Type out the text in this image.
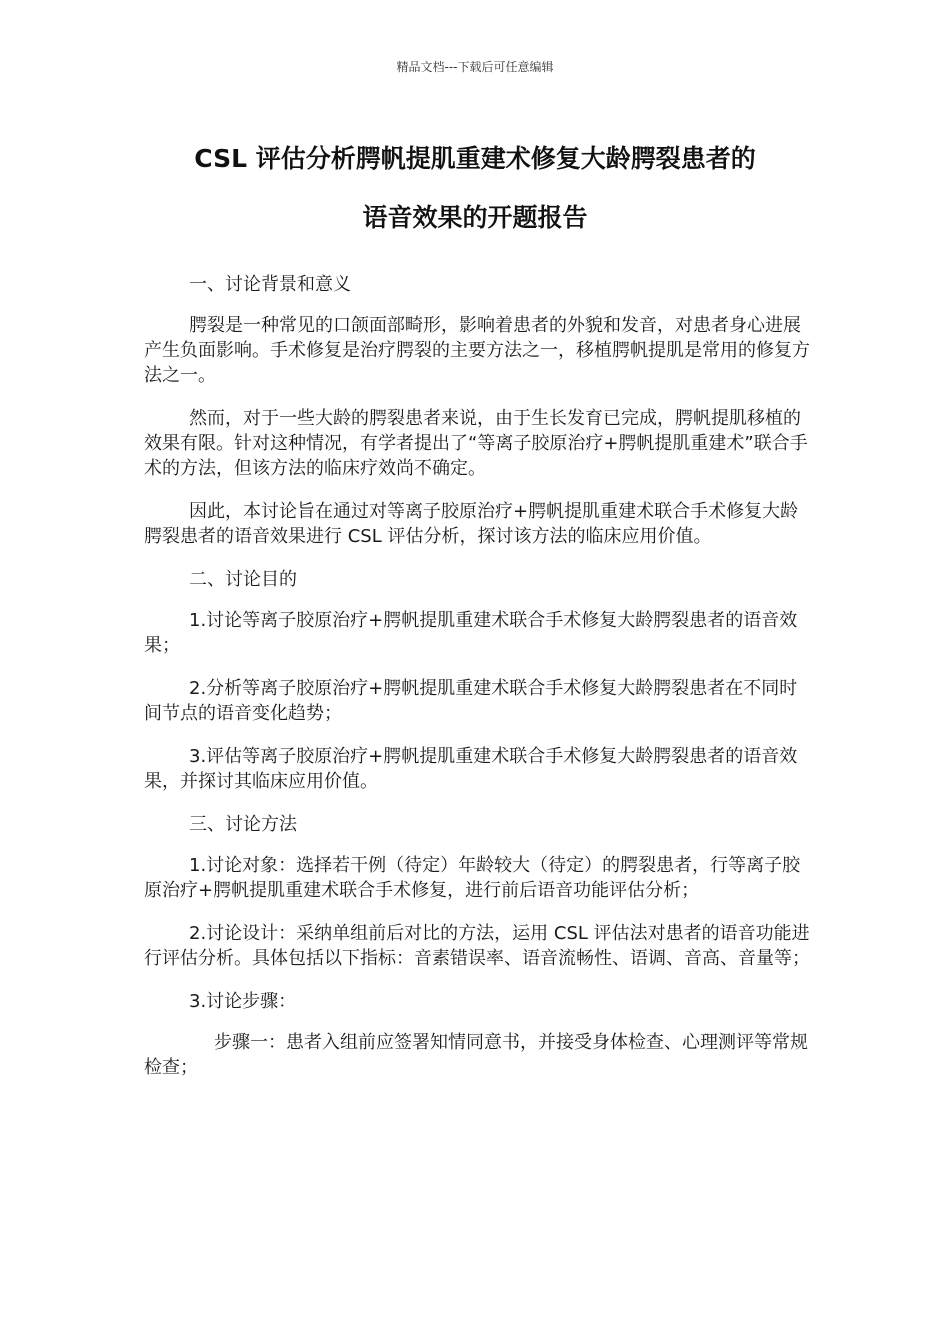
精品文档---下载后可任意编辑
CSL 评估分析腭帆提肌重建术修复大龄腭裂患者的
语音效果的开题报告

一、讨论背景和意义

腭裂是一种常见的口颌面部畸形，影响着患者的外貌和发音，对患者身心进展产生负面影响。手术修复是治疗腭裂的主要方法之一，移植腭帆提肌是常用的修复方法之一。

然而，对于一些大龄的腭裂患者来说，由于生长发育已完成，腭帆提肌移植的效果有限。针对这种情况，有学者提出了“等离子胶原治疗+腭帆提肌重建术”联合手术的方法，但该方法的临床疗效尚不确定。

因此，本讨论旨在通过对等离子胶原治疗+腭帆提肌重建术联合手术修复大龄腭裂患者的语音效果进行 CSL 评估分析，探讨该方法的临床应用价值。

二、讨论目的

1.讨论等离子胶原治疗+腭帆提肌重建术联合手术修复大龄腭裂患者的语音效果；

2.分析等离子胶原治疗+腭帆提肌重建术联合手术修复大龄腭裂患者在不同时间节点的语音变化趋势；

3.评估等离子胶原治疗+腭帆提肌重建术联合手术修复大龄腭裂患者的语音效果，并探讨其临床应用价值。

三、讨论方法

1.讨论对象：选择若干例（待定）年龄较大（待定）的腭裂患者，行等离子胶原治疗+腭帆提肌重建术联合手术修复，进行前后语音功能评估分析；

2.讨论设计：采纳单组前后对比的方法，运用 CSL 评估法对患者的语音功能进行评估分析。具体包括以下指标：音素错误率、语音流畅性、语调、音高、音量等；

3.讨论步骤：

步骤一：患者入组前应签署知情同意书，并接受身体检查、心理测评等常规检查；
